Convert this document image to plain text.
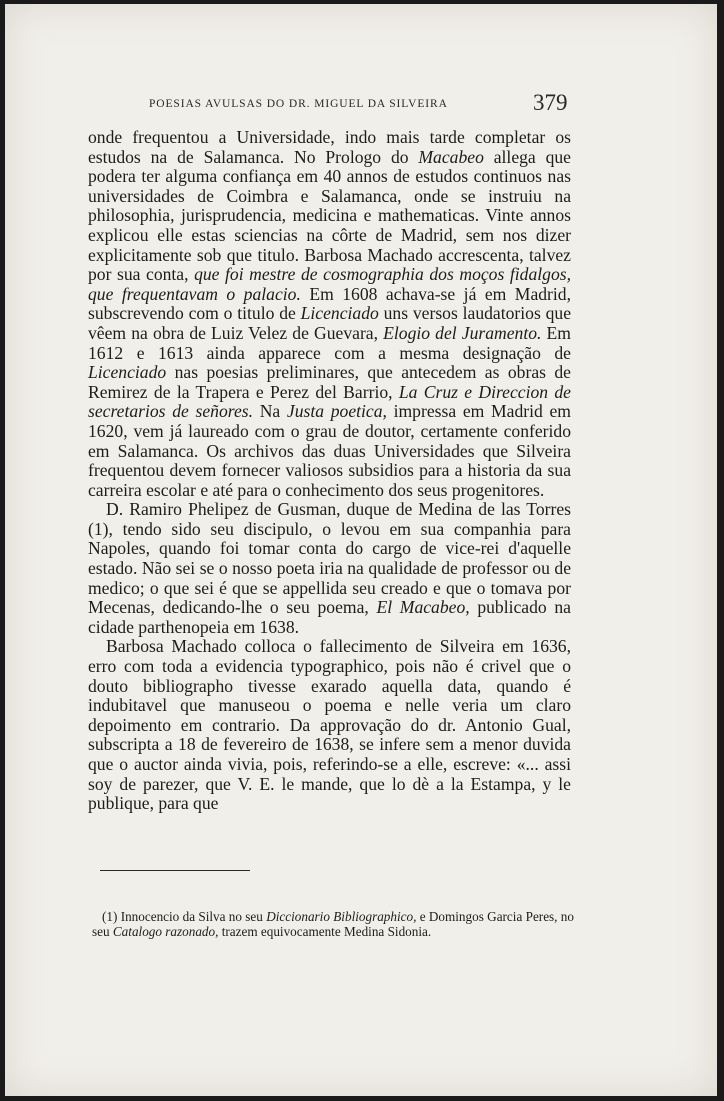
POESIAS AVULSAS DO DR. MIGUEL DA SILVEIRA	379

onde frequentou a Universidade, indo mais tarde completar os estudos na de Salamanca. No Prologo do Macabeo allega que podera ter alguma confiança em 40 annos de estudos continuos nas universidades de Coimbra e Salamanca, onde se instruiu na philosophia, jurisprudencia, medicina e mathematicas. Vinte annos explicou elle estas sciencias na côrte de Madrid, sem nos dizer explicitamente sob que titulo. Barbosa Machado accrescenta, talvez por sua conta, que foi mestre de cosmographia dos moços fidalgos, que frequentavam o palacio. Em 1608 achava-se já em Madrid, subscrevendo com o titulo de Licenciado uns versos laudatorios que vêem na obra de Luiz Velez de Guevara, Elogio del Juramento. Em 1612 e 1613 ainda apparece com a mesma designação de Licenciado nas poesias preliminares, que antecedem as obras de Remirez de la Trapera e Perez del Barrio, La Cruz e Direccion de secretarios de señores. Na Justa poetica, impressa em Madrid em 1620, vem já laureado com o grau de doutor, certamente conferido em Salamanca. Os archivos das duas Universidades que Silveira frequentou devem fornecer valiosos subsidios para a historia da sua carreira escolar e até para o conhecimento dos seus progenitores.

D. Ramiro Phelipez de Gusman, duque de Medina de las Torres (1), tendo sido seu discipulo, o levou em sua companhia para Napoles, quando foi tomar conta do cargo de vice-rei d'aquelle estado. Não sei se o nosso poeta iria na qualidade de professor ou de medico; o que sei é que se appellida seu creado e que o tomava por Mecenas, dedicando-lhe o seu poema, El Macabeo, publicado na cidade parthenopeia em 1638.

Barbosa Machado colloca o fallecimento de Silveira em 1636, erro com toda a evidencia typographico, pois não é crivel que o douto bibliographo tivesse exarado aquella data, quando é indubitavel que manuseou o poema e nelle veria um claro depoimento em contrario. Da approvação do dr. Antonio Gual, subscripta a 18 de fevereiro de 1638, se infere sem a menor duvida que o auctor ainda vivia, pois, referindo-se a elle, escreve: «... assi soy de parezer, que V. E. le mande, que lo dè a la Estampa, y le publique, para que

(1) Innocencio da Silva no seu Diccionario Bibliographico, e Domingos Garcia Peres, no seu Catalogo razonado, trazem equivocamente Medina Sidonia.
